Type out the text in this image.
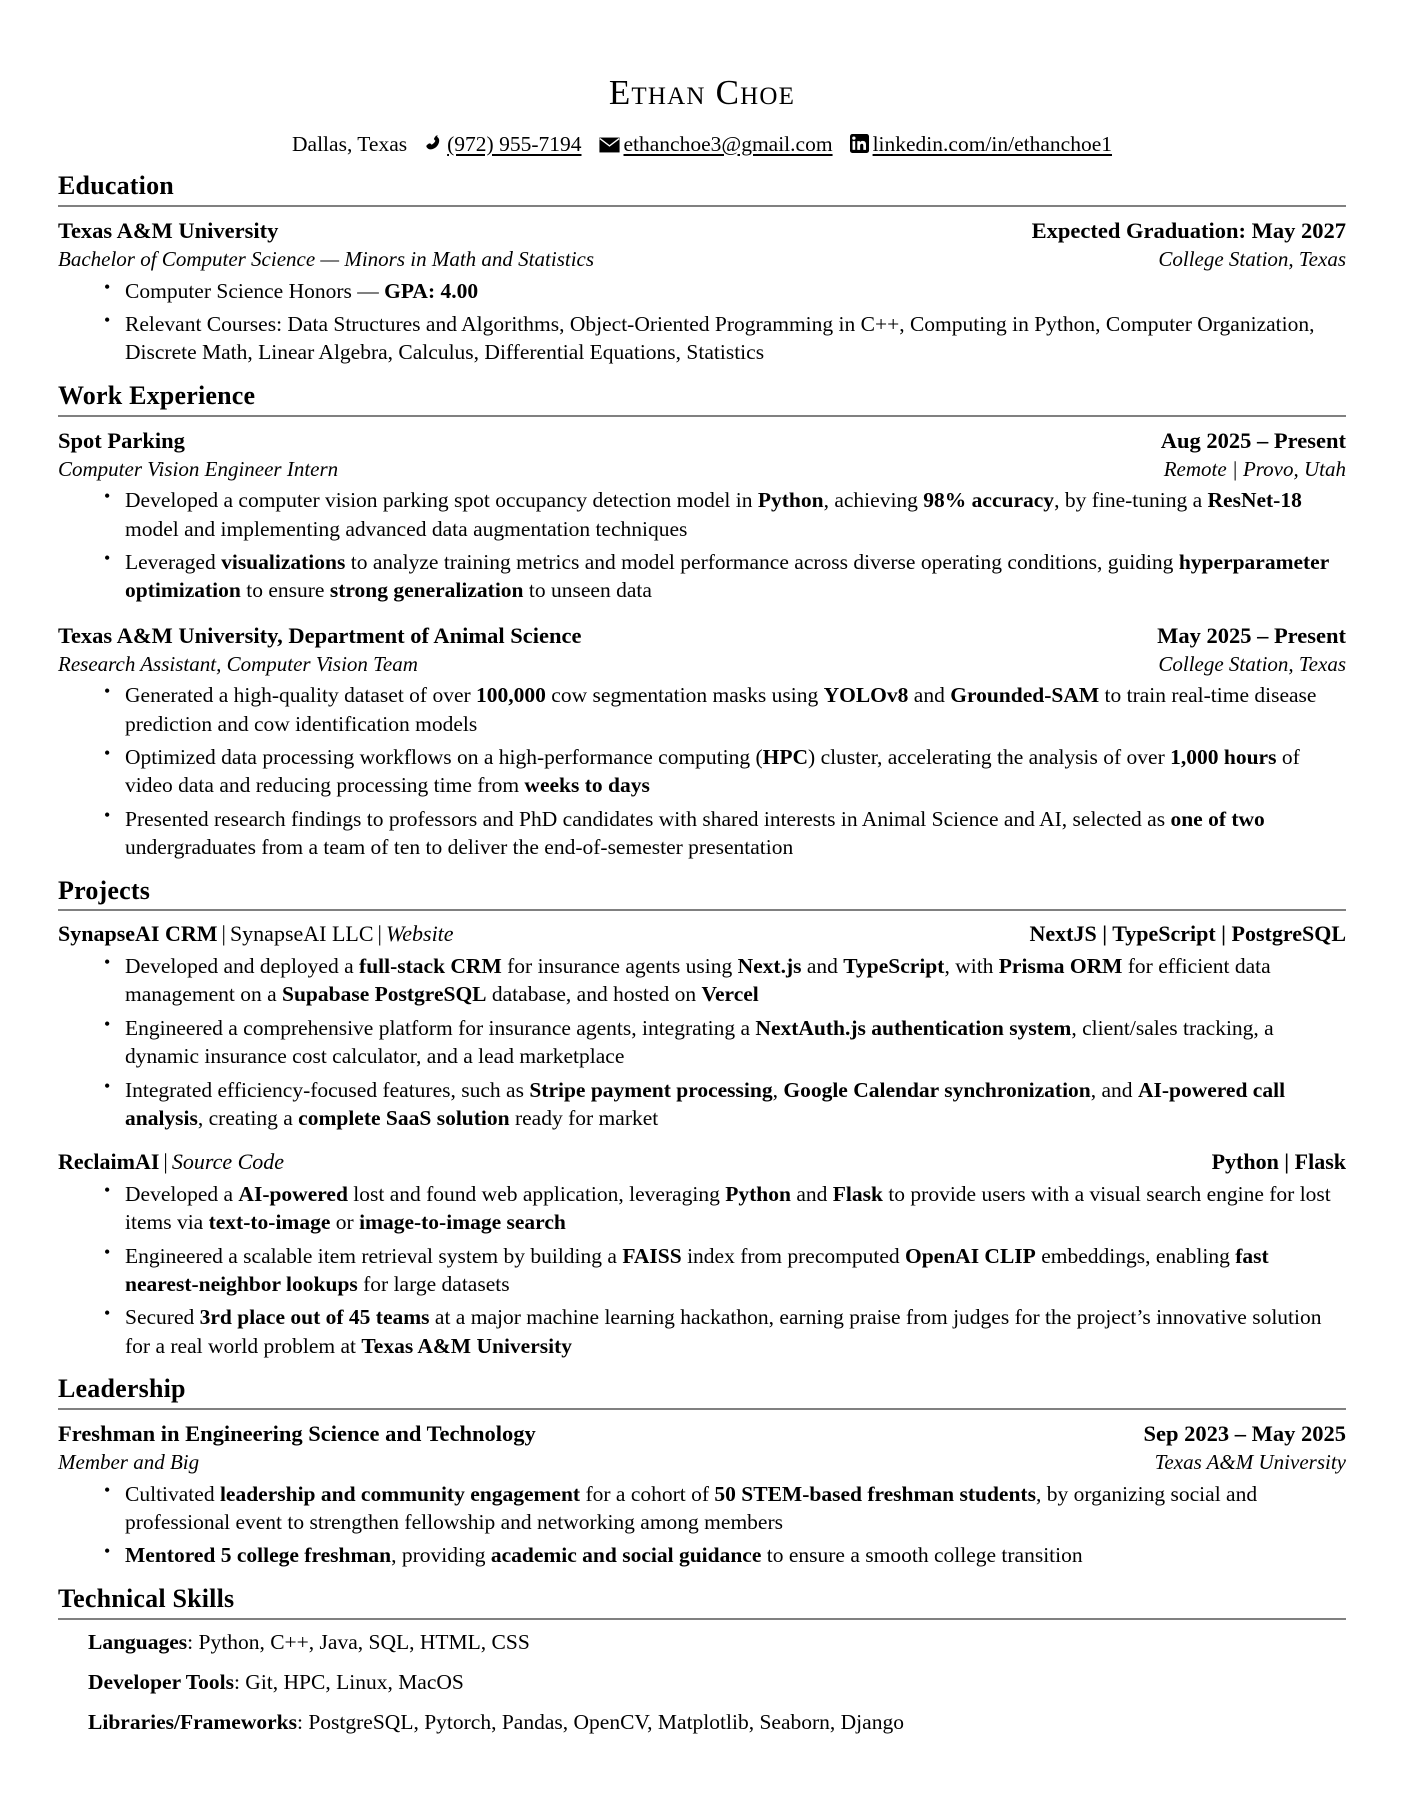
Ethan Choe
Dallas, Texas (972) 955-7194 ethanchoe3@gmail.com linkedin.com/in/ethanchoe1
Education
Texas A&M University	Expected Graduation: May 2027
Bachelor of Computer Science — Minors in Math and Statistics	College Station, Texas
• Computer Science Honors — GPA: 4.00
• Relevant Courses: Data Structures and Algorithms, Object-Oriented Programming in C++, Computing in Python, Computer Organization, Discrete Math, Linear Algebra, Calculus, Differential Equations, Statistics
Work Experience
Spot Parking	Aug 2025 – Present
Computer Vision Engineer Intern	Remote | Provo, Utah
• Developed a computer vision parking spot occupancy detection model in Python, achieving 98% accuracy, by fine-tuning a ResNet-18 model and implementing advanced data augmentation techniques
• Leveraged visualizations to analyze training metrics and model performance across diverse operating conditions, guiding hyperparameter optimization to ensure strong generalization to unseen data
Texas A&M University, Department of Animal Science	May 2025 – Present
Research Assistant, Computer Vision Team	College Station, Texas
• Generated a high-quality dataset of over 100,000 cow segmentation masks using YOLOv8 and Grounded-SAM to train real-time disease prediction and cow identification models
• Optimized data processing workflows on a high-performance computing (HPC) cluster, accelerating the analysis of over 1,000 hours of video data and reducing processing time from weeks to days
• Presented research findings to professors and PhD candidates with shared interests in Animal Science and AI, selected as one of two undergraduates from a team of ten to deliver the end-of-semester presentation
Projects
SynapseAI CRM | SynapseAI LLC | Website	NextJS | TypeScript | PostgreSQL
• Developed and deployed a full-stack CRM for insurance agents using Next.js and TypeScript, with Prisma ORM for efficient data management on a Supabase PostgreSQL database, and hosted on Vercel
• Engineered a comprehensive platform for insurance agents, integrating a NextAuth.js authentication system, client/sales tracking, a dynamic insurance cost calculator, and a lead marketplace
• Integrated efficiency-focused features, such as Stripe payment processing, Google Calendar synchronization, and AI-powered call analysis, creating a complete SaaS solution ready for market
ReclaimAI | Source Code	Python | Flask
• Developed a AI-powered lost and found web application, leveraging Python and Flask to provide users with a visual search engine for lost items via text-to-image or image-to-image search
• Engineered a scalable item retrieval system by building a FAISS index from precomputed OpenAI CLIP embeddings, enabling fast nearest-neighbor lookups for large datasets
• Secured 3rd place out of 45 teams at a major machine learning hackathon, earning praise from judges for the project’s innovative solution for a real world problem at Texas A&M University
Leadership
Freshman in Engineering Science and Technology	Sep 2023 – May 2025
Member and Big	Texas A&M University
• Cultivated leadership and community engagement for a cohort of 50 STEM-based freshman students, by organizing social and professional event to strengthen fellowship and networking among members
• Mentored 5 college freshman, providing academic and social guidance to ensure a smooth college transition
Technical Skills
Languages: Python, C++, Java, SQL, HTML, CSS
Developer Tools: Git, HPC, Linux, MacOS
Libraries/Frameworks: PostgreSQL, Pytorch, Pandas, OpenCV, Matplotlib, Seaborn, Django
